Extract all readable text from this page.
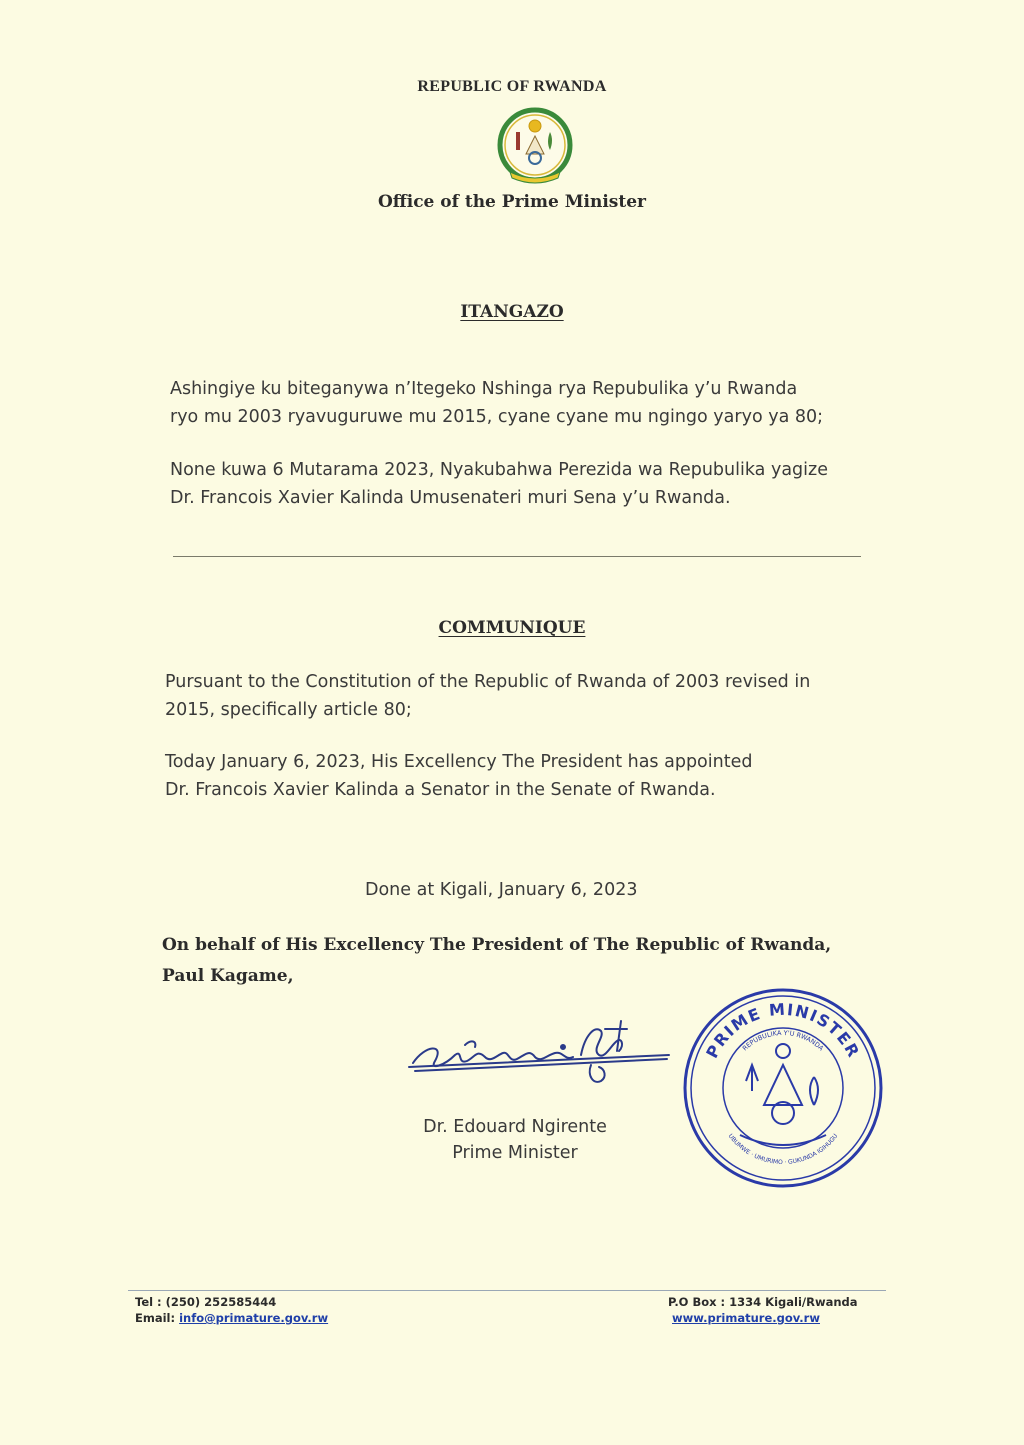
REPUBLIC OF RWANDA
Office of the Prime Minister
ITANGAZO
Ashingiye ku biteganywa n’Itegeko Nshinga rya Repubulika y’u Rwanda
ryo mu 2003 ryavuguruwe mu 2015, cyane cyane mu ngingo yaryo ya 80;
None kuwa 6 Mutarama 2023, Nyakubahwa Perezida wa Repubulika yagize
Dr. Francois Xavier Kalinda Umusenateri muri Sena y’u Rwanda.
COMMUNIQUE
Pursuant to the Constitution of the Republic of Rwanda of 2003 revised in
2015, specifically article 80;
Today January 6, 2023, His Excellency The President has appointed
Dr. Francois Xavier Kalinda a Senator in the Senate of Rwanda.
Done at Kigali, January 6, 2023
On behalf of His Excellency The President of The Republic of Rwanda,
Paul Kagame,
Dr. Edouard Ngirente
Prime Minister
PRIME MINISTER
REPUBULIKA Y'U RWANDA
UBUMWE · UMURIMO · GUKUNDA IGIHUGU
Tel : (250) 252585444
Email: info@primature.gov.rw
P.O Box : 1334 Kigali/Rwanda
www.primature.gov.rw
